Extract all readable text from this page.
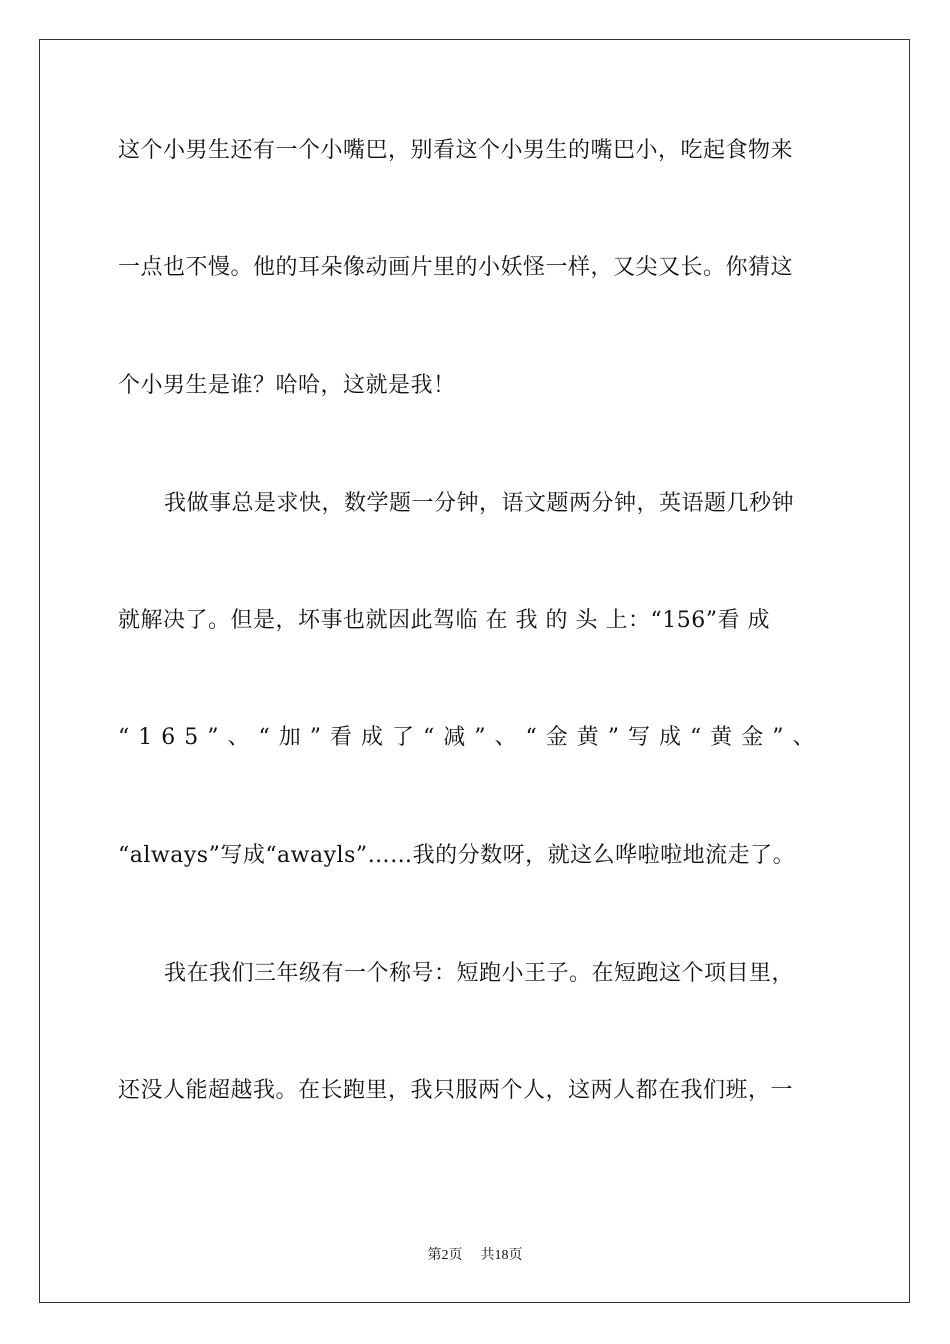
这个小男生还有一个小嘴巴，别看这个小男生的嘴巴小，吃起食物来
一点也不慢。他的耳朵像动画片里的小妖怪一样，又尖又长。你猜这
个小男生是谁？哈哈，这就是我！
我做事总是求快，数学题一分钟，语文题两分钟，英语题几秒钟
就解决了。但是，坏事也就因此驾临 在 我 的 头 上：“156”看 成
“165”、“加”看成了“减”、“金黄”写成“黄金”、
“always”写成“awayls”……我的分数呀，就这么哗啦啦地流走了。
我在我们三年级有一个称号：短跑小王子。在短跑这个项目里，
还没人能超越我。在长跑里，我只服两个人，这两人都在我们班，一
第2页 共18页
